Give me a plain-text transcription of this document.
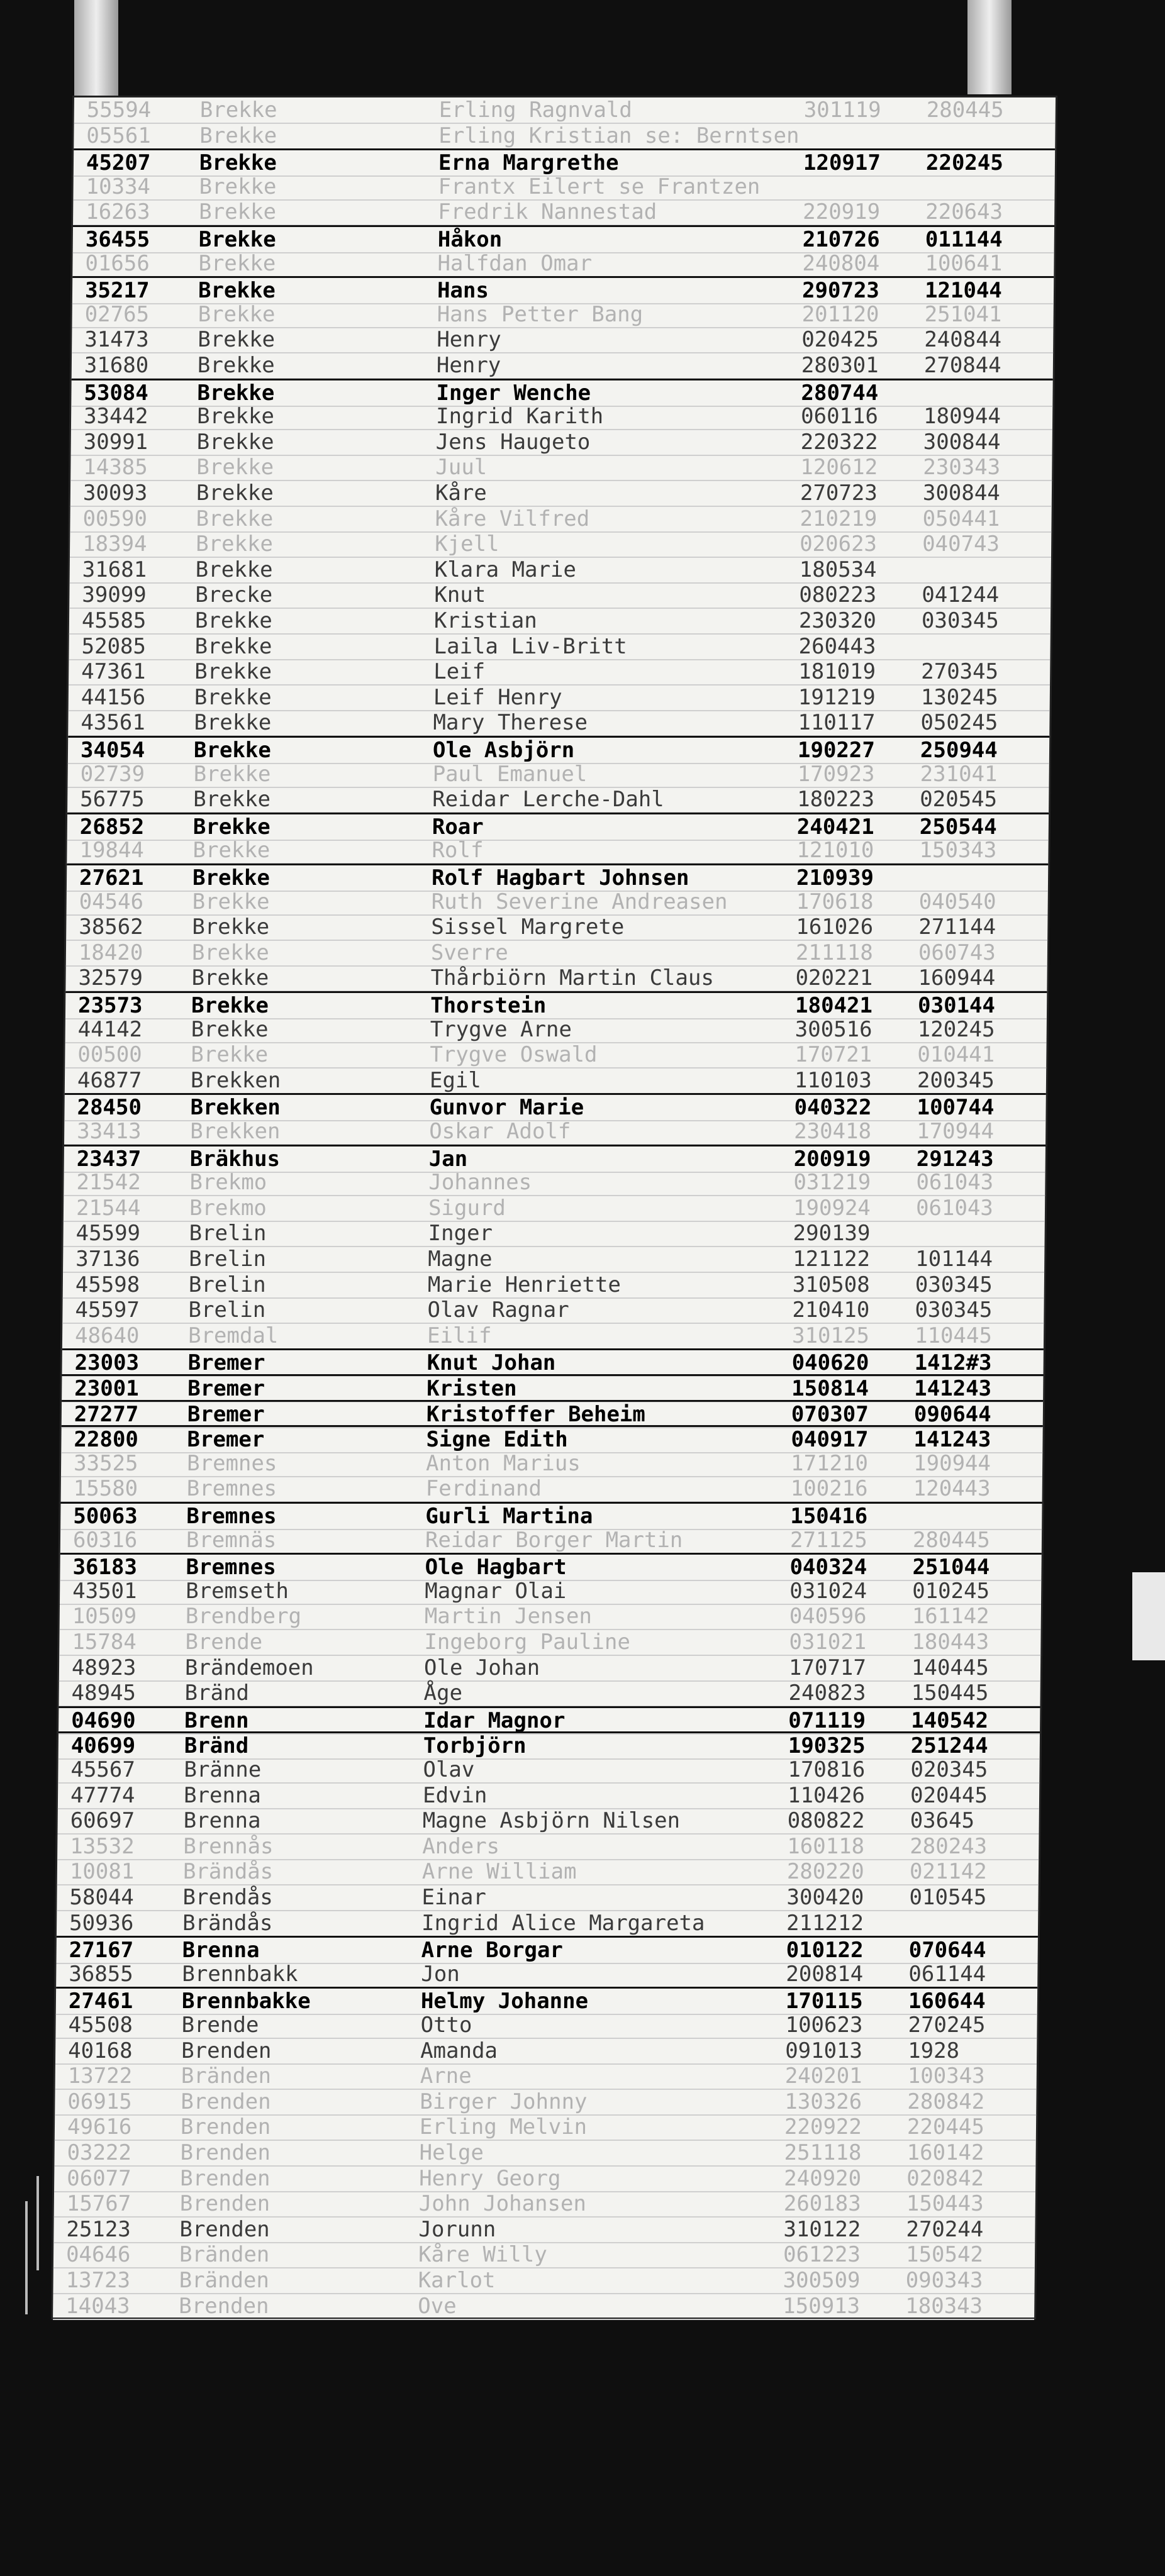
55594	Brekke	Erling Ragnvald	301119 280445
05561	Brekke	Erling Kristian se: Berntsen
45207	Brekke	Erna Margrethe	120917 220245
10334	Brekke	Frantx Eilert se Frantzen
16263	Brekke	Fredrik Nannestad	220919 220643
36455	Brekke	Håkon	210726 011144
01656	Brekke	Halfdan Omar	240804 100641
35217	Brekke	Hans	290723 121044
02765	Brekke	Hans Petter Bang	201120 251041
31473	Brekke	Henry	020425 240844
31680	Brekke	Henry	280301 270844
53084	Brekke	Inger Wenche	280744
33442	Brekke	Ingrid Karith	060116 180944
30991	Brekke	Jens Haugeto	220322 300844
14385	Brekke	Juul	120612 230343
30093	Brekke	Kåre	270723 300844
00590	Brekke	Kåre Vilfred	210219 050441
18394	Brekke	Kjell	020623 040743
31681	Brekke	Klara Marie	180534
39099	Brecke	Knut	080223 041244
45585	Brekke	Kristian	230320 030345
52085	Brekke	Laila Liv-Britt	260443
47361	Brekke	Leif	181019 270345
44156	Brekke	Leif Henry	191219 130245
43561	Brekke	Mary Therese	110117 050245
34054	Brekke	Ole Asbjörn	190227 250944
02739	Brekke	Paul Emanuel	170923 231041
56775	Brekke	Reidar Lerche-Dahl	180223 020545
26852	Brekke	Roar	240421 250544
19844	Brekke	Rolf	121010 150343
27621	Brekke	Rolf Hagbart Johnsen	210939
04546	Brekke	Ruth Severine Andreasen	170618 040540
38562	Brekke	Sissel Margrete	161026 271144
18420	Brekke	Sverre	211118 060743
32579	Brekke	Thårbiörn Martin Claus	020221 160944
23573	Brekke	Thorstein	180421 030144
44142	Brekke	Trygve Arne	300516 120245
00500	Brekke	Trygve Oswald	170721 010441
46877	Brekken	Egil	110103 200345
28450	Brekken	Gunvor Marie	040322 100744
33413	Brekken	Oskar Adolf	230418 170944
23437	Bräkhus	Jan	200919 291243
21542	Brekmo	Johannes	031219 061043
21544	Brekmo	Sigurd	190924 061043
45599	Brelin	Inger	290139
37136	Brelin	Magne	121122 101144
45598	Brelin	Marie Henriette	310508 030345
45597	Brelin	Olav Ragnar	210410 030345
48640	Bremdal	Eilif	310125 110445
23003	Bremer	Knut Johan	040620 1412#3
23001	Bremer	Kristen	150814 141243
27277	Bremer	Kristoffer Beheim	070307 090644
22800	Bremer	Signe Edith	040917 141243
33525	Bremnes	Anton Marius	171210 190944
15580	Bremnes	Ferdinand	100216 120443
50063	Bremnes	Gurli Martina	150416
60316	Bremnäs	Reidar Borger Martin	271125 280445
36183	Bremnes	Ole Hagbart	040324 251044
43501	Bremseth	Magnar Olai	031024 010245
10509	Brendberg	Martin Jensen	040596 161142
15784	Brende	Ingeborg Pauline	031021 180443
48923	Brändemoen	Ole Johan	170717 140445
48945	Bränd	Åge	240823 150445
04690	Brenn	Idar Magnor	071119 140542
40699	Bränd	Torbjörn	190325 251244
45567	Bränne	Olav	170816 020345
47774	Brenna	Edvin	110426 020445
60697	Brenna	Magne Asbjörn Nilsen	080822 03645
13532	Brennås	Anders	160118 280243
10081	Brändås	Arne William	280220 021142
58044	Brendås	Einar	300420 010545
50936	Brändås	Ingrid Alice Margareta	211212
27167	Brenna	Arne Borgar	010122 070644
36855	Brennbakk	Jon	200814 061144
27461	Brennbakke	Helmy Johanne	170115 160644
45508	Brende	Otto	100623 270245
40168	Brenden	Amanda	091013 1928
13722	Bränden	Arne	240201 100343
06915	Brenden	Birger Johnny	130326 280842
49616	Brenden	Erling Melvin	220922 220445
03222	Brenden	Helge	251118 160142
06077	Brenden	Henry Georg	240920 020842
15767	Brenden	John Johansen	260183 150443
25123	Brenden	Jorunn	310122 270244
04646	Bränden	Kåre Willy	061223 150542
13723	Bränden	Karlot	300509 090343
14043	Brenden	Ove	150913 180343
